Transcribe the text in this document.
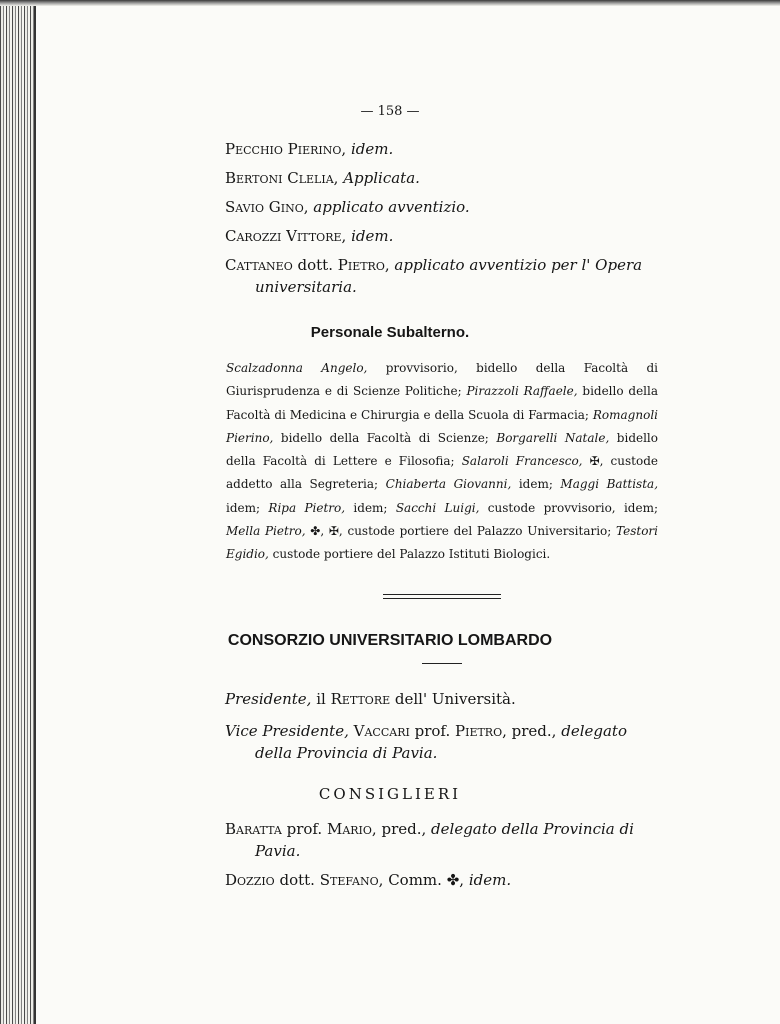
— 158 —
Pecchio Pierino, idem.
Bertoni Clelia, Applicata.
Savio Gino, applicato avventizio.
Carozzi Vittore, idem.
Cattaneo dott. Pietro, applicato avventizio per l' Opera
universitaria.
Personale Subalterno.
Scalzadonna Angelo, provvisorio, bidello della Facoltà di Giurisprudenza e di Scienze Politiche; Pirazzoli Raffaele, bidello della Facoltà di Medicina e Chirurgia e della Scuola di Farmacia; Romagnoli Pierino, bidello della Facoltà di Scienze; Borgarelli Natale, bidello della Facoltà di Lettere e Filosofia; Salaroli Francesco, ✠, custode addetto alla Segreteria; Chiaberta Giovanni, idem; Maggi Battista, idem; Ripa Pietro, idem; Sacchi Luigi, custode provvisorio, idem; Mella Pietro, ✤, ✠, custode portiere del Palazzo Universitario; Testori Egidio, custode portiere del Palazzo Istituti Biologici.
CONSORZIO UNIVERSITARIO LOMBARDO
Presidente, il Rettore dell' Università.
Vice Presidente, Vaccari prof. Pietro, pred., delegato
della Provincia di Pavia.
CONSIGLIERI
Baratta prof. Mario, pred., delegato della Provincia di
Pavia.
Dozzio dott. Stefano, Comm. ✤, idem.
